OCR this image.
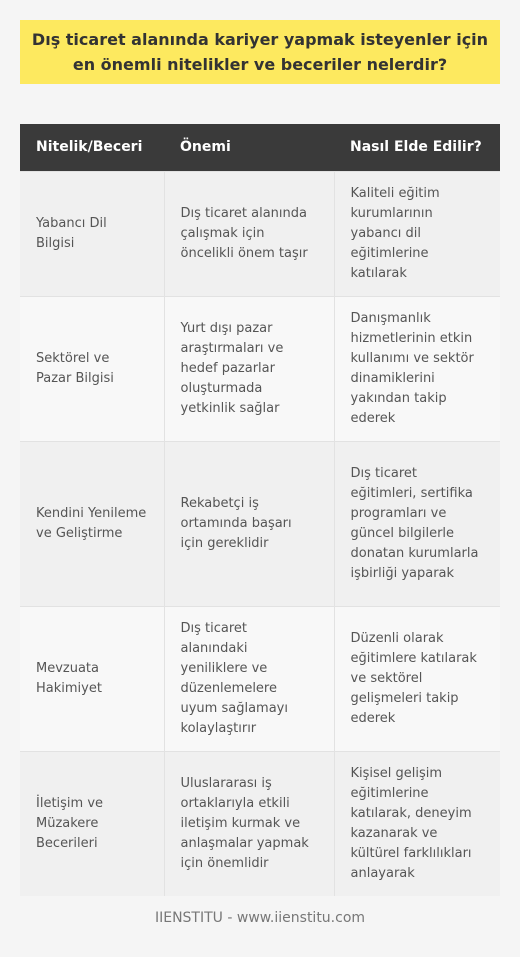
Dış ticaret alanında kariyer yapmak isteyenler için en önemli nitelikler ve beceriler nelerdir?
Nitelik/Beceri	Önemi	Nasıl Elde Edilir?
Yabancı Dil Bilgisi	Dış ticaret alanında çalışmak için öncelikli önem taşır	Kaliteli eğitim kurumlarının yabancı dil eğitimlerine katılarak
Sektörel ve Pazar Bilgisi	Yurt dışı pazar araştırmaları ve hedef pazarlar oluşturmada yetkinlik sağlar	Danışmanlık hizmetlerinin etkin kullanımı ve sektör dinamiklerini yakından takip ederek
Kendini Yenileme ve Geliştirme	Rekabetçi iş ortamında başarı için gereklidir	Dış ticaret eğitimleri, sertifika programları ve güncel bilgilerle donatan kurumlarla işbirliği yaparak
Mevzuata Hakimiyet	Dış ticaret alanındaki yeniliklere ve düzenlemelere uyum sağlamayı kolaylaştırır	Düzenli olarak eğitimlere katılarak ve sektörel gelişmeleri takip ederek
İletişim ve Müzakere Becerileri	Uluslararası iş ortaklarıyla etkili iletişim kurmak ve anlaşmalar yapmak için önemlidir	Kişisel gelişim eğitimlerine katılarak, deneyim kazanarak ve kültürel farklılıkları anlayarak
IIENSTITU - www.iienstitu.com
